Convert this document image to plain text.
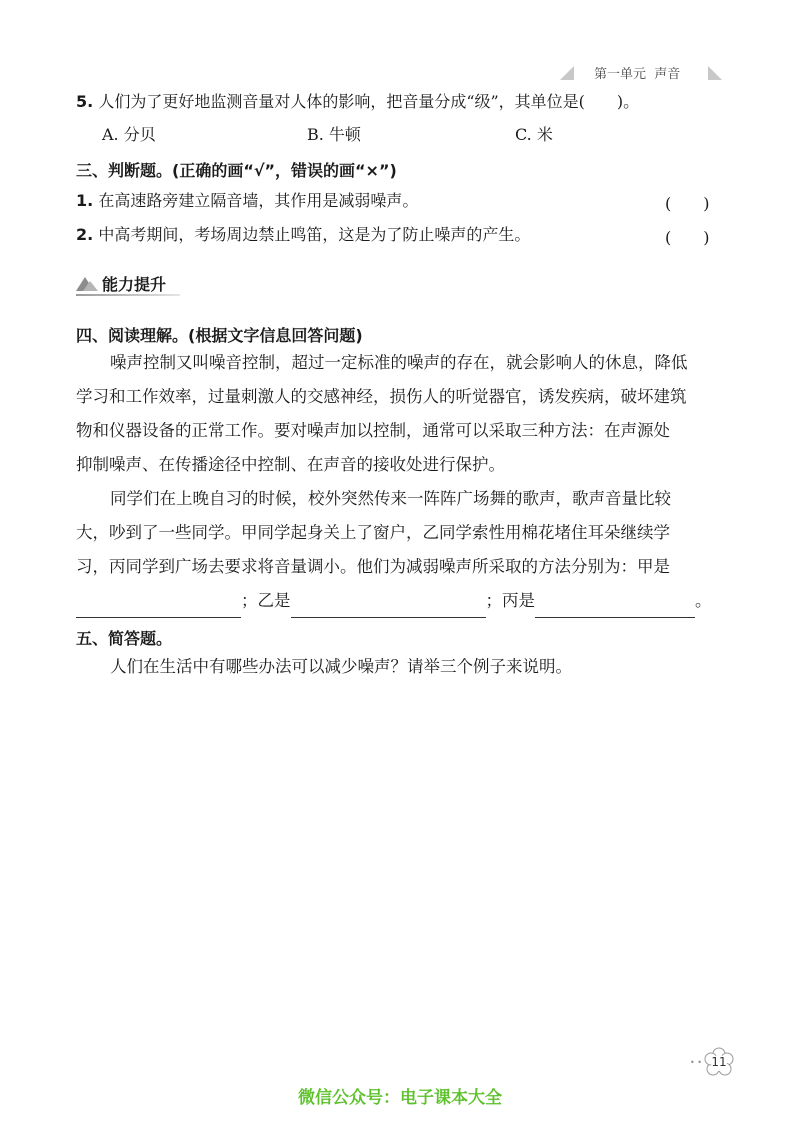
第一单元 声音
5. 人们为了更好地监测音量对人体的影响，把音量分成“级”，其单位是(　　)。
A. 分贝	B. 牛顿	C. 米
三、判断题。(正确的画“√”，错误的画“×”)
1. 在高速路旁建立隔音墙，其作用是减弱噪声。	(　　)
2. 中高考期间，考场周边禁止鸣笛，这是为了防止噪声的产生。	(　　)
能力提升
四、阅读理解。(根据文字信息回答问题)
噪声控制又叫噪音控制，超过一定标准的噪声的存在，就会影响人的休息，降低
学习和工作效率，过量刺激人的交感神经，损伤人的听觉器官，诱发疾病，破坏建筑
物和仪器设备的正常工作。要对噪声加以控制，通常可以采取三种方法：在声源处
抑制噪声、在传播途径中控制、在声音的接收处进行保护。
同学们在上晚自习的时候，校外突然传来一阵阵广场舞的歌声，歌声音量比较
大，吵到了一些同学。甲同学起身关上了窗户，乙同学索性用棉花堵住耳朵继续学
习，丙同学到广场去要求将音量调小。他们为减弱噪声所采取的方法分别为：甲是
；乙是	；丙是	。
五、简答题。
人们在生活中有哪些办法可以减少噪声？请举三个例子来说明。
• • 11
微信公众号：电子课本大全
